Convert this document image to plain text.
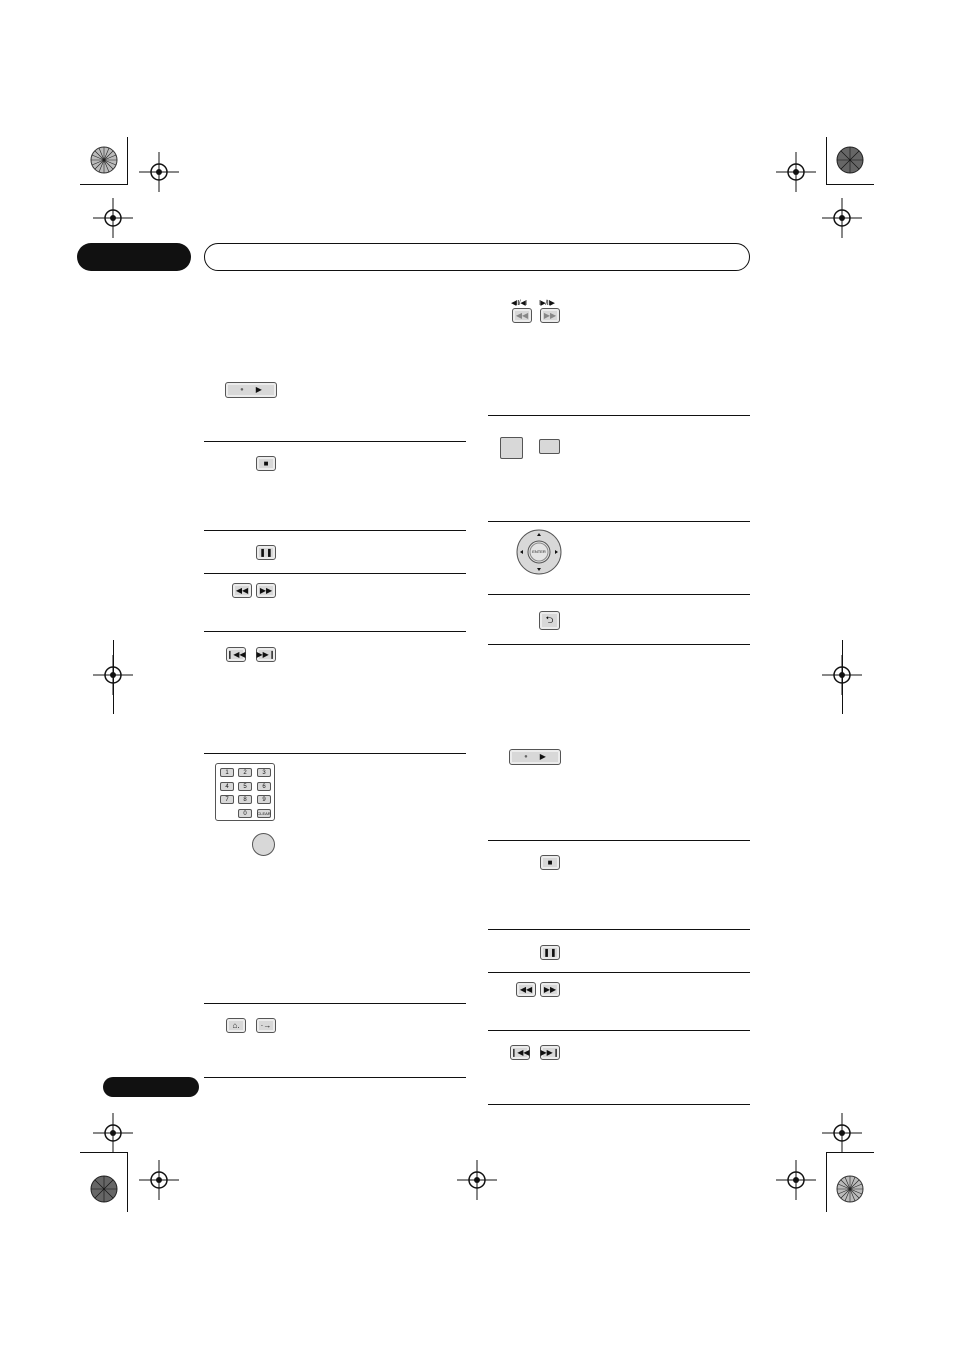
● ▶
■
❚❚
◀◀ ▶▶
❙◀◀ ▶▶❙
1	2	3
4	5	6
7	8	9
0	CLEAR
⌂.	·→
◀II/◀I I▶/II▶
◀◀ ▶▶
ENTER
⮌
● ▶
■
❚❚
◀◀ ▶▶
❙◀◀ ▶▶❙
